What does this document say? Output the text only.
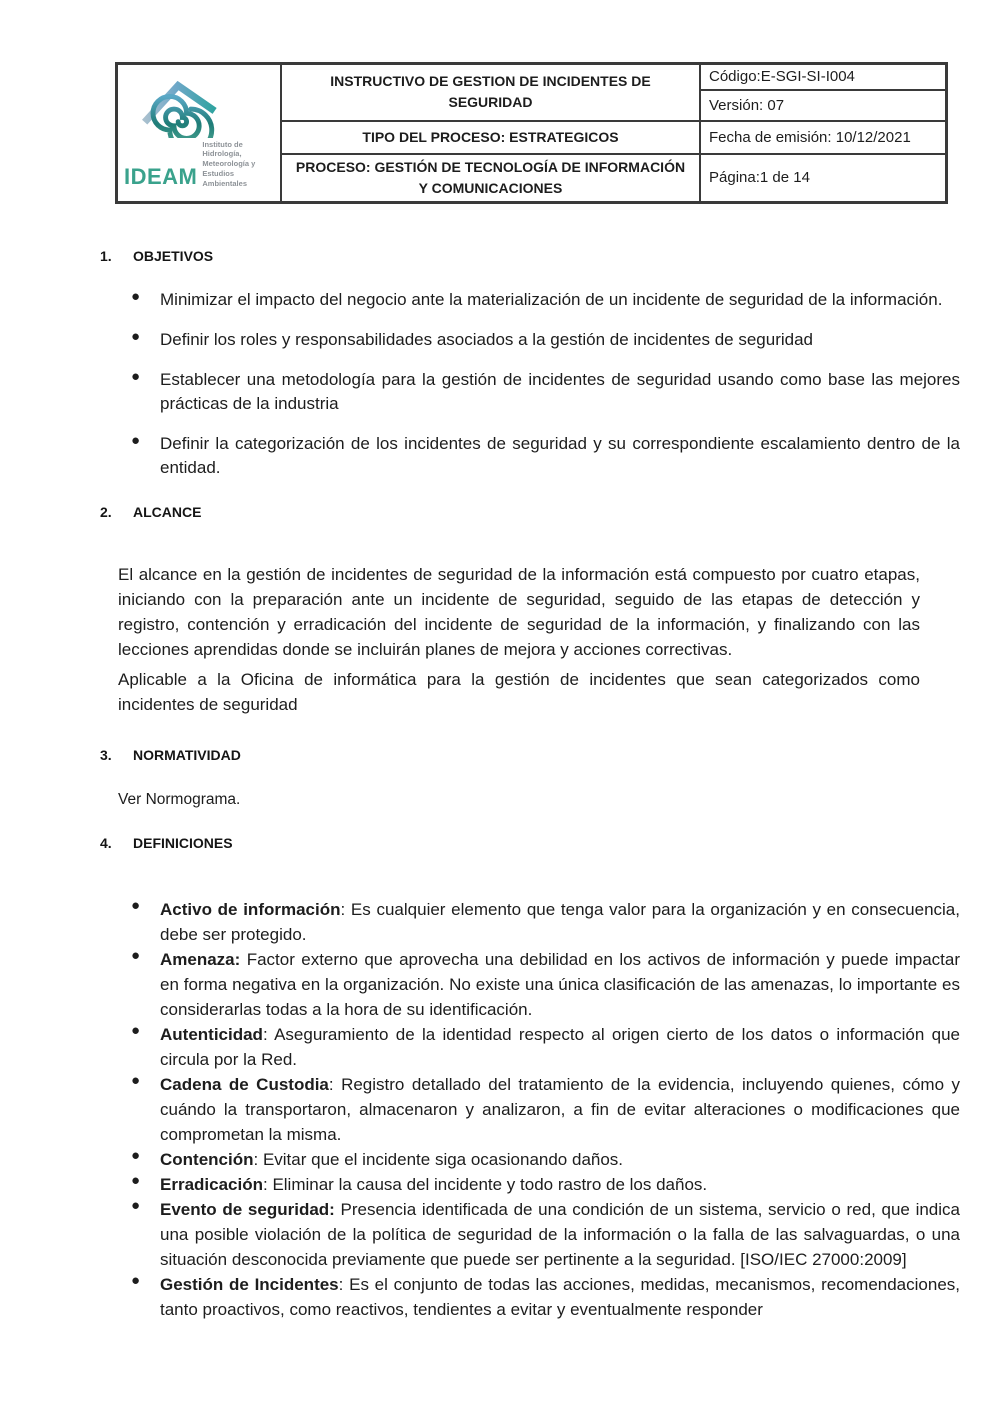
IDEAM
Instituto de Hidrología,
Meteorología y
Estudios Ambientales	INSTRUCTIVO DE GESTION DE INCIDENTES DE SEGURIDAD	Código:E-SGI-SI-I004
		Versión: 07
	TIPO DEL PROCESO: ESTRATEGICOS	Fecha de emisión: 10/12/2021
	PROCESO: GESTIÓN DE TECNOLOGÍA DE INFORMACIÓN Y COMUNICACIONES	Página:1 de 14
1.	OBJETIVOS
●	Minimizar el impacto del negocio ante la materialización de un incidente de seguridad de la información.

●	Definir los roles y responsabilidades asociados a la gestión de incidentes de seguridad

●	Establecer una metodología para la gestión de incidentes de seguridad usando como base las mejores prácticas de la industria

●	Definir la categorización de los incidentes de seguridad y su correspondiente escalamiento dentro de la entidad.

2.	ALCANCE

El alcance en la gestión de incidentes de seguridad de la información está compuesto por cuatro etapas, iniciando con la preparación ante un incidente de seguridad, seguido de las etapas de detección y registro, contención y erradicación del incidente de seguridad de la información, y finalizando con las lecciones aprendidas donde se incluirán planes de mejora y acciones correctivas.

Aplicable a la Oficina de informática para la gestión de incidentes que sean categorizados como incidentes de seguridad

3.	NORMATIVIDAD
Ver Normograma.
4.	DEFINICIONES
●	Activo de información: Es cualquier elemento que tenga valor para la organización y en consecuencia, debe ser protegido.

●	Amenaza: Factor externo que aprovecha una debilidad en los activos de información y puede impactar en forma negativa en la organización. No existe una única clasificación de las amenazas, lo importante es considerarlas todas a la hora de su identificación.

●	Autenticidad: Aseguramiento de la identidad respecto al origen cierto de los datos o información que circula por la Red.

●	Cadena de Custodia: Registro detallado del tratamiento de la evidencia, incluyendo quienes, cómo y cuándo la transportaron, almacenaron y analizaron, a fin de evitar alteraciones o modificaciones que comprometan la misma.

●	Contención: Evitar que el incidente siga ocasionando daños.

●	Erradicación: Eliminar la causa del incidente y todo rastro de los daños.

●	Evento de seguridad: Presencia identificada de una condición de un sistema, servicio o red, que indica una posible violación de la política de seguridad de la información o la falla de las salvaguardas, o una situación desconocida previamente que puede ser pertinente a la seguridad. [ISO/IEC 27000:2009]

●	Gestión de Incidentes: Es el conjunto de todas las acciones, medidas, mecanismos, recomendaciones, tanto proactivos, como reactivos, tendientes a evitar y eventualmente responder
